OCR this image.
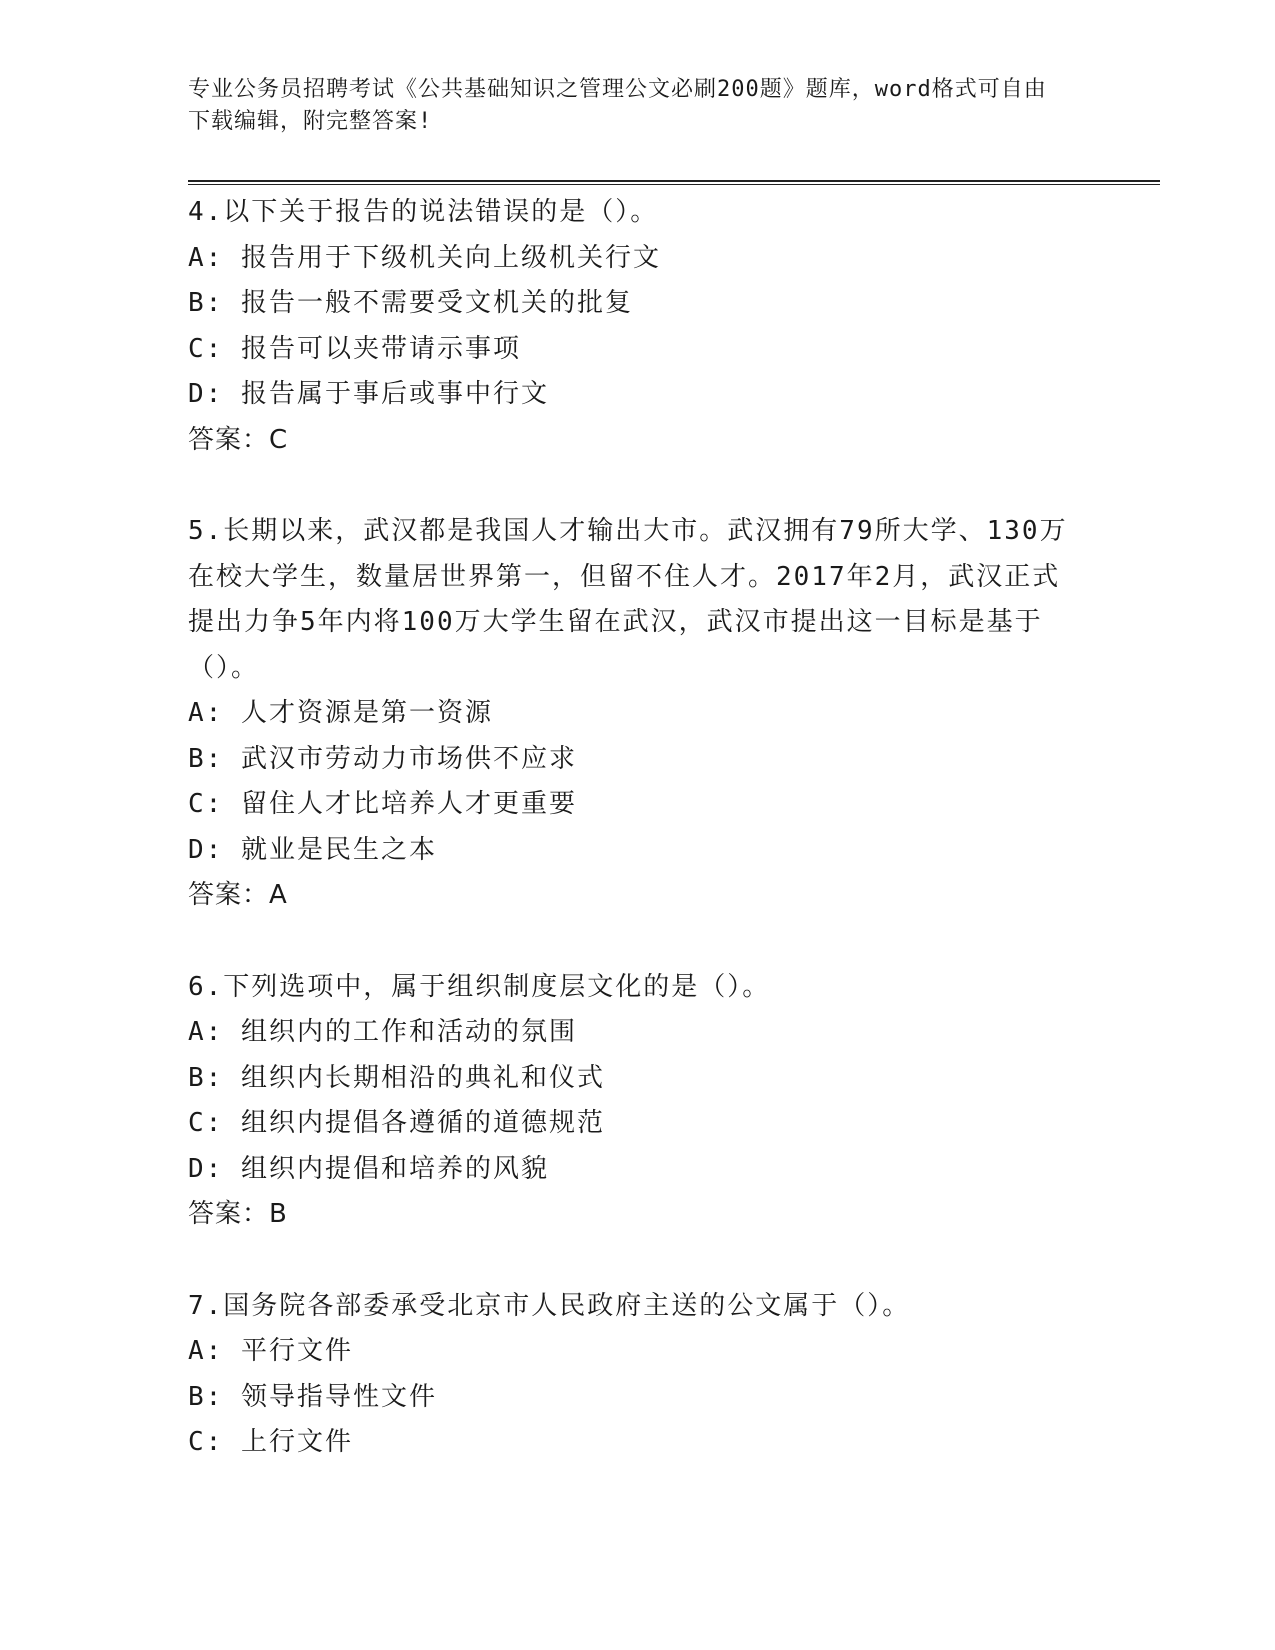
专业公务员招聘考试《公共基础知识之管理公文必刷200题》题库，word格式可自由下载编辑，附完整答案!

4.以下关于报告的说法错误的是（）。

A: 报告用于下级机关向上级机关行文

B: 报告一般不需要受文机关的批复

C: 报告可以夹带请示事项

D: 报告属于事后或事中行文

答案：C

5.长期以来，武汉都是我国人才输出大市。武汉拥有79所大学、130万在校大学生，数量居世界第一，但留不住人才。2017年2月，武汉正式提出力争5年内将100万大学生留在武汉，武汉市提出这一目标是基于（）。

A: 人才资源是第一资源

B: 武汉市劳动力市场供不应求

C: 留住人才比培养人才更重要

D: 就业是民生之本

答案：A

6.下列选项中，属于组织制度层文化的是（）。

A: 组织内的工作和活动的氛围

B: 组织内长期相沿的典礼和仪式

C: 组织内提倡各遵循的道德规范

D: 组织内提倡和培养的风貌

答案：B

7.国务院各部委承受北京市人民政府主送的公文属于（）。

A: 平行文件

B: 领导指导性文件

C: 上行文件
